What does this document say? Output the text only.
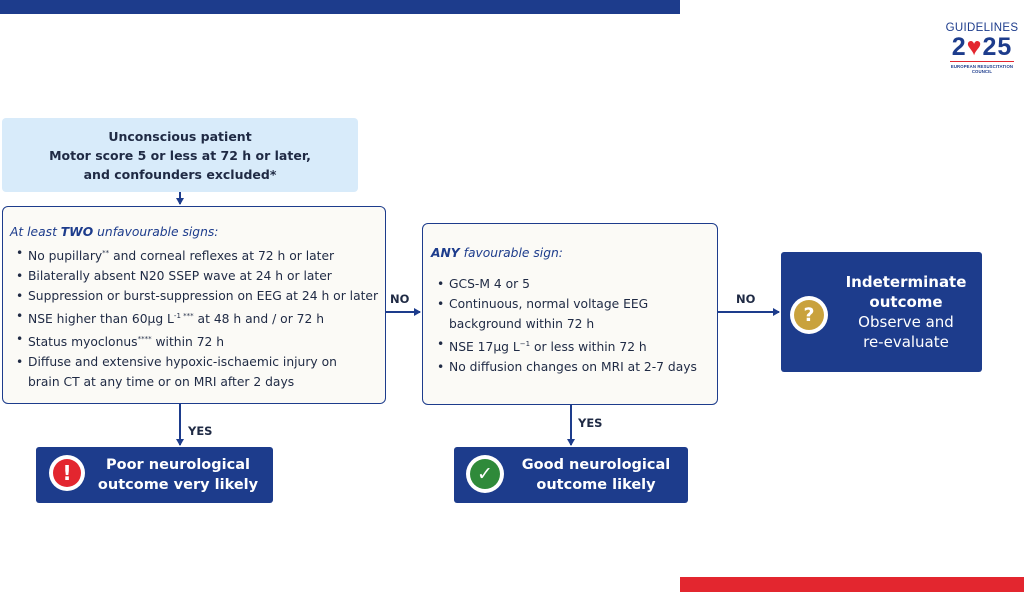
GUIDELINES
2♥25
EUROPEAN RESUSCITATION COUNCIL
Unconscious patient
Motor score 5 or less at 72 h or later,
and confounders excluded*
At least TWO unfavourable signs:
• No pupillary** and corneal reflexes at 72 h or later
• Bilaterally absent N20 SSEP wave at 24 h or later
• Suppression or burst-suppression on EEG at 24 h or later
• NSE higher than 60µg $L^{-1 ***}$ at 48 h and / or 72 h
• Status myoclonus**** within 72 h
• Diffuse and extensive hypoxic-ischaemic injury on
brain CT at any time or on MRI after 2 days
ANY favourable sign:
• GCS-M 4 or 5
• Continuous, normal voltage EEG
background within 72 h
• NSE 17µg $L^{-1}$ or less within 72 h
• No diffusion changes on MRI at 2-7 days
!	Poor neurological
outcome very likely	✓	Good neurological
outcome likely
?
Indeterminate
outcome
Observe and
re-evaluate
NO	NO
YES
YES
